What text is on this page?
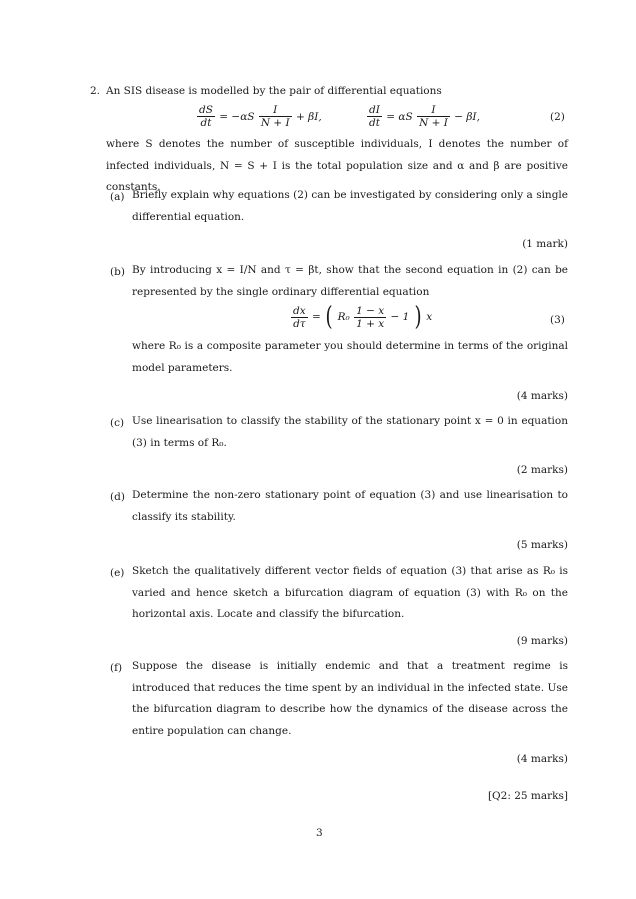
2. An SIS disease is modelled by the pair of differential equations
$\frac{dS}{dt} = -\alpha S \frac{I}{N + I} + \beta I$,	$\frac{dI}{dt} = \alpha S \frac{I}{N + I} - \beta I$,	(2)
where S denotes the number of susceptible individuals, I denotes the number of infected individuals, N = S + I is the total population size and α and β are positive constants.
(a) Briefly explain why equations (2) can be investigated by considering only a single differential equation.
(1 mark)
(b) By introducing x = I/N and τ = βt, show that the second equation in (2) can be represented by the single ordinary differential equation
$\frac{dx}{d\tau}$ = ( $R_0 \frac{1 - x}{1 + x} - 1$ ) x	(3)
where R₀ is a composite parameter you should determine in terms of the original model parameters.
(4 marks)
(c) Use linearisation to classify the stability of the stationary point x = 0 in equation (3) in terms of R₀.
(2 marks)
(d) Determine the non-zero stationary point of equation (3) and use linearisation to classify its stability.
(5 marks)
(e) Sketch the qualitatively different vector fields of equation (3) that arise as R₀ is varied and hence sketch a bifurcation diagram of equation (3) with R₀ on the horizontal axis. Locate and classify the bifurcation.
(9 marks)
(f) Suppose the disease is initially endemic and that a treatment regime is introduced that reduces the time spent by an individual in the infected state. Use the bifurcation diagram to describe how the dynamics of the disease across the entire population can change.
(4 marks)
[Q2: 25 marks]
3
